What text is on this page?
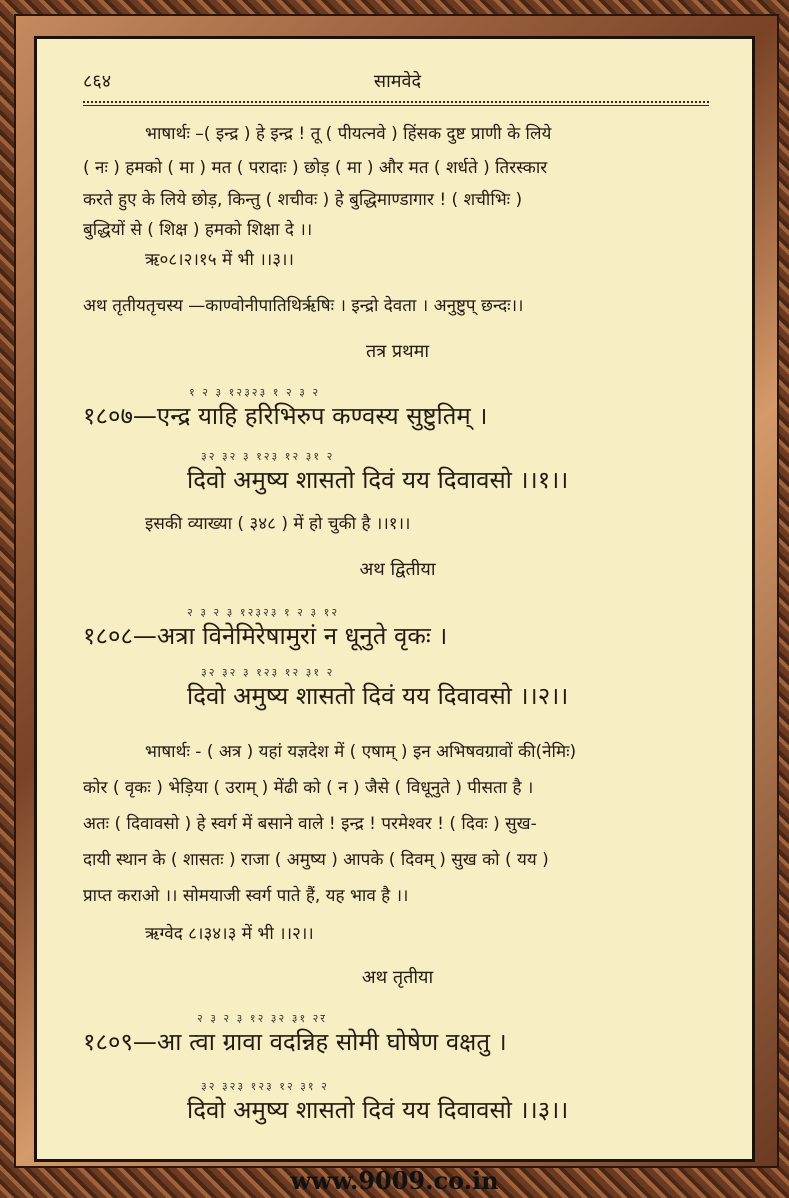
८६४	सामवेदे
भाषार्थः –( इन्द्र ) हे इन्द्र ! तू ( पीयत्नवे ) हिंसक दुष्ट प्राणी के लिये
( नः ) हमको ( मा ) मत ( परादाः ) छोड़ ( मा ) और मत ( शर्धते ) तिरस्कार
करते हुए के लिये छोड़, किन्तु ( शचीवः ) हे बुद्धिमाण्डागार ! ( शचीभिः )
बुद्धियों से ( शिक्ष ) हमको शिक्षा दे ।।
ऋ०८।२।१५ में भी ।।३।।
अथ तृतीयतृचस्य —काण्वोनीपातिथिर्ऋषिः । इन्द्रो देवता । अनुष्टुप् छन्दः।।
तत्र प्रथमा
१ २ ३ १२३२३ १ २ ३ २
१८०७—एन्द्र याहि हरिभिरुप कण्वस्य सुष्टुतिम् ।
३२ ३२ ३ १२३ १२ ३१ २
दिवो अमुष्य शासतो दिवं यय दिवावसो ।।१।।
इसकी व्याख्या ( ३४८ ) में हो चुकी है ।।१।।
अथ द्वितीया
२ ३ २ ३ १२३२३ १ २ ३ १२
१८०८—अत्रा विनेमिरेषामुरां न धूनुते वृकः ।
३२ ३२ ३ १२३ १२ ३१ २
दिवो अमुष्य शासतो दिवं यय दिवावसो ।।२।।
भाषार्थः - ( अत्र ) यहां यज्ञदेश में ( एषाम् ) इन अभिषवग्रावों की(नेमिः)
कोर ( वृकः ) भेड़िया ( उराम् ) मेंढी को ( न ) जैसे ( विधूनुते ) पीसता है ।
अतः ( दिवावसो ) हे स्वर्ग में बसाने वाले ! इन्द्र ! परमेश्वर ! ( दिवः ) सुख-
दायी स्थान के ( शासतः ) राजा ( अमुष्य ) आपके ( दिवम् ) सुख को ( यय )
प्राप्त कराओ ।। सोमयाजी स्वर्ग पाते हैं, यह भाव है ।।
ऋग्वेद ८।३४।३ में भी ।।२।।
अथ तृतीया
२ ३ २ ३ १२ ३२ ३१ २र
१८०९—आ त्वा ग्रावा वदन्निह सोमी घोषेण वक्षतु ।
३२ ३२३ १२३ १२ ३१ २
दिवो अमुष्य शासतो दिवं यय दिवावसो ।।३।।
www.9009.co.in
